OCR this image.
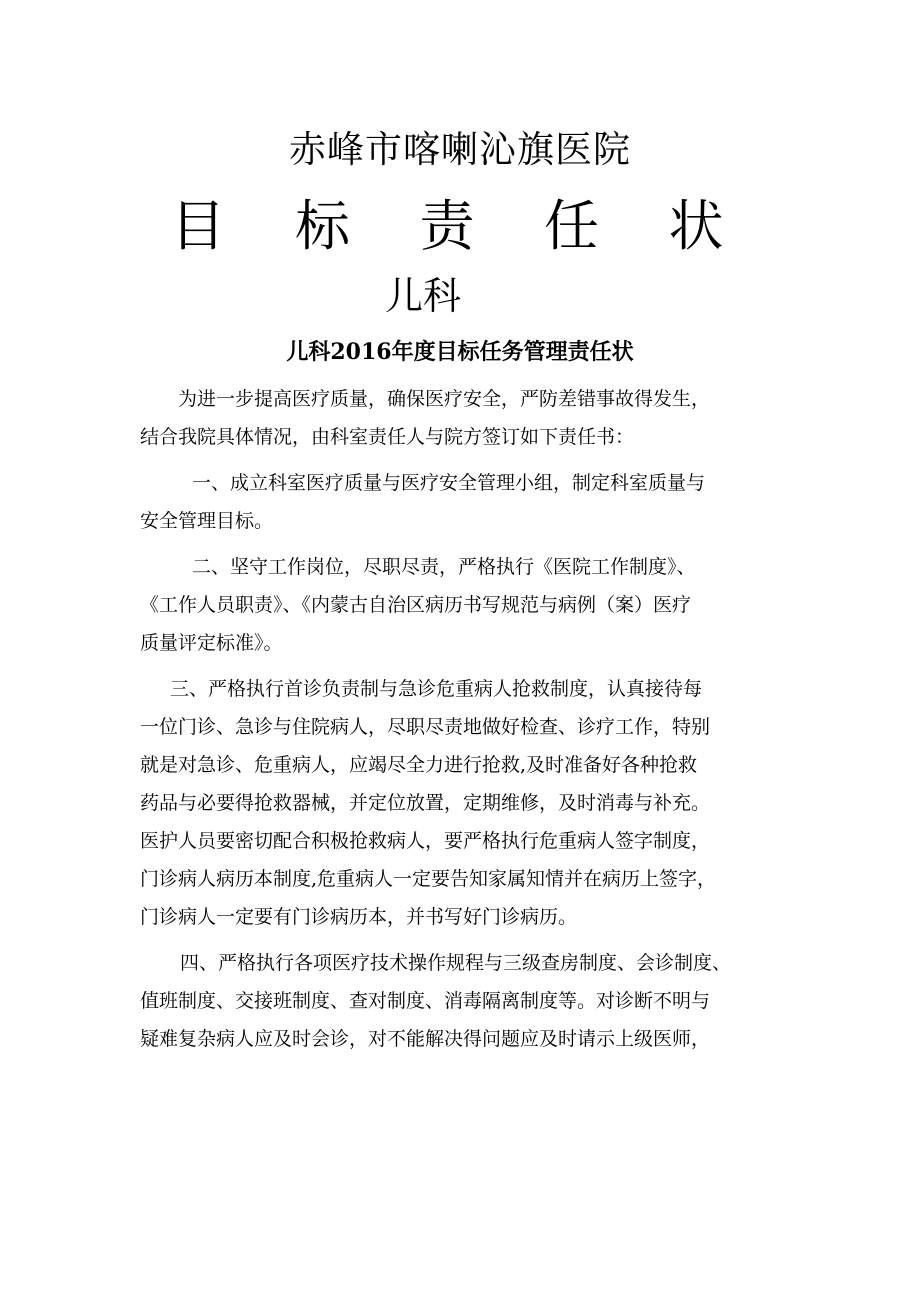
赤峰市喀喇沁旗医院
目 标 责 任 状
儿科
儿科2016年度目标任务管理责任状

为进一步提高医疗质量，确保医疗安全，严防差错事故得发生，
结合我院具体情况，由科室责任人与院方签订如下责任书：

一、成立科室医疗质量与医疗安全管理小组，制定科室质量与
安全管理目标。

二、坚守工作岗位，尽职尽责，严格执行《医院工作制度》、
《工作人员职责》、《内蒙古自治区病历书写规范与病例（案）医疗
质量评定标准》。

三、严格执行首诊负责制与急诊危重病人抢救制度，认真接待每
一位门诊、急诊与住院病人，尽职尽责地做好检查、诊疗工作，特别
就是对急诊、危重病人，应竭尽全力进行抢救,及时准备好各种抢救
药品与必要得抢救器械，并定位放置，定期维修，及时消毒与补充。
医护人员要密切配合积极抢救病人，要严格执行危重病人签字制度，
门诊病人病历本制度,危重病人一定要告知家属知情并在病历上签字，
门诊病人一定要有门诊病历本，并书写好门诊病历。

四、严格执行各项医疗技术操作规程与三级查房制度、会诊制度、
值班制度、交接班制度、查对制度、消毒隔离制度等。对诊断不明与
疑难复杂病人应及时会诊，对不能解决得问题应及时请示上级医师，
